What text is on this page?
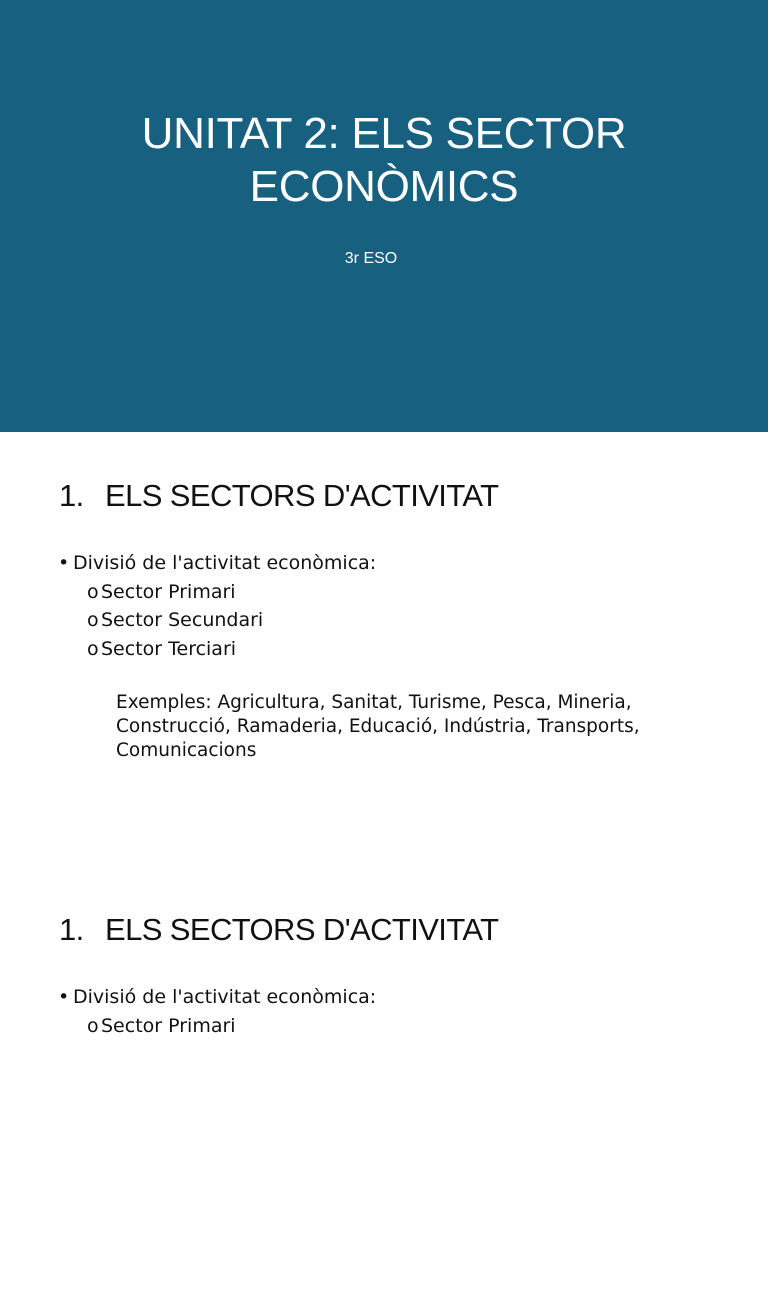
UNITAT 2: ELS SECTOR
ECONÒMICS
3r ESO
1. ELS SECTORS D'ACTIVITAT
• Divisió de l'activitat econòmica:
o Sector Primari
o Sector Secundari
o Sector Terciari

Exemples: Agricultura, Sanitat, Turisme, Pesca, Mineria, Construcció, Ramaderia, Educació, Indústria, Transports, Comunicacions

1. ELS SECTORS D'ACTIVITAT
• Divisió de l'activitat econòmica:
o Sector Primari
